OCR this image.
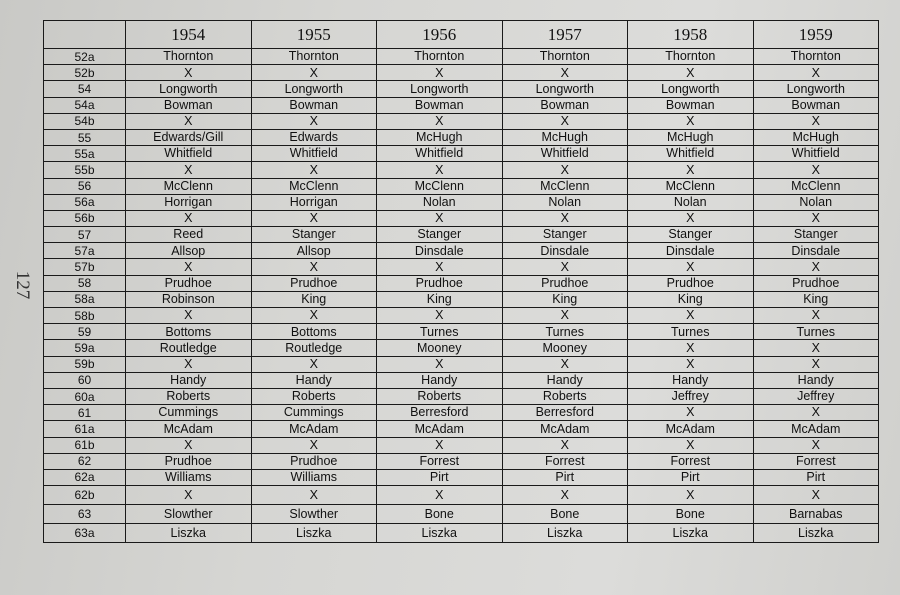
127
	1954	1955	1956	1957	1958	1959
52a	Thornton	Thornton	Thornton	Thornton	Thornton	Thornton
52b	X	X	X	X	X	X
54	Longworth	Longworth	Longworth	Longworth	Longworth	Longworth
54a	Bowman	Bowman	Bowman	Bowman	Bowman	Bowman
54b	X	X	X	X	X	X
55	Edwards/Gill	Edwards	McHugh	McHugh	McHugh	McHugh
55a	Whitfield	Whitfield	Whitfield	Whitfield	Whitfield	Whitfield
55b	X	X	X	X	X	X
56	McClenn	McClenn	McClenn	McClenn	McClenn	McClenn
56a	Horrigan	Horrigan	Nolan	Nolan	Nolan	Nolan
56b	X	X	X	X	X	X
57	Reed	Stanger	Stanger	Stanger	Stanger	Stanger
57a	Allsop	Allsop	Dinsdale	Dinsdale	Dinsdale	Dinsdale
57b	X	X	X	X	X	X
58	Prudhoe	Prudhoe	Prudhoe	Prudhoe	Prudhoe	Prudhoe
58a	Robinson	King	King	King	King	King
58b	X	X	X	X	X	X
59	Bottoms	Bottoms	Turnes	Turnes	Turnes	Turnes
59a	Routledge	Routledge	Mooney	Mooney	X	X
59b	X	X	X	X	X	X
60	Handy	Handy	Handy	Handy	Handy	Handy
60a	Roberts	Roberts	Roberts	Roberts	Jeffrey	Jeffrey
61	Cummings	Cummings	Berresford	Berresford	X	X
61a	McAdam	McAdam	McAdam	McAdam	McAdam	McAdam
61b	X	X	X	X	X	X
62	Prudhoe	Prudhoe	Forrest	Forrest	Forrest	Forrest
62a	Williams	Williams	Pirt	Pirt	Pirt	Pirt
62b	X	X	X	X	X	X
63	Slowther	Slowther	Bone	Bone	Bone	Barnabas
63a	Liszka	Liszka	Liszka	Liszka	Liszka	Liszka
